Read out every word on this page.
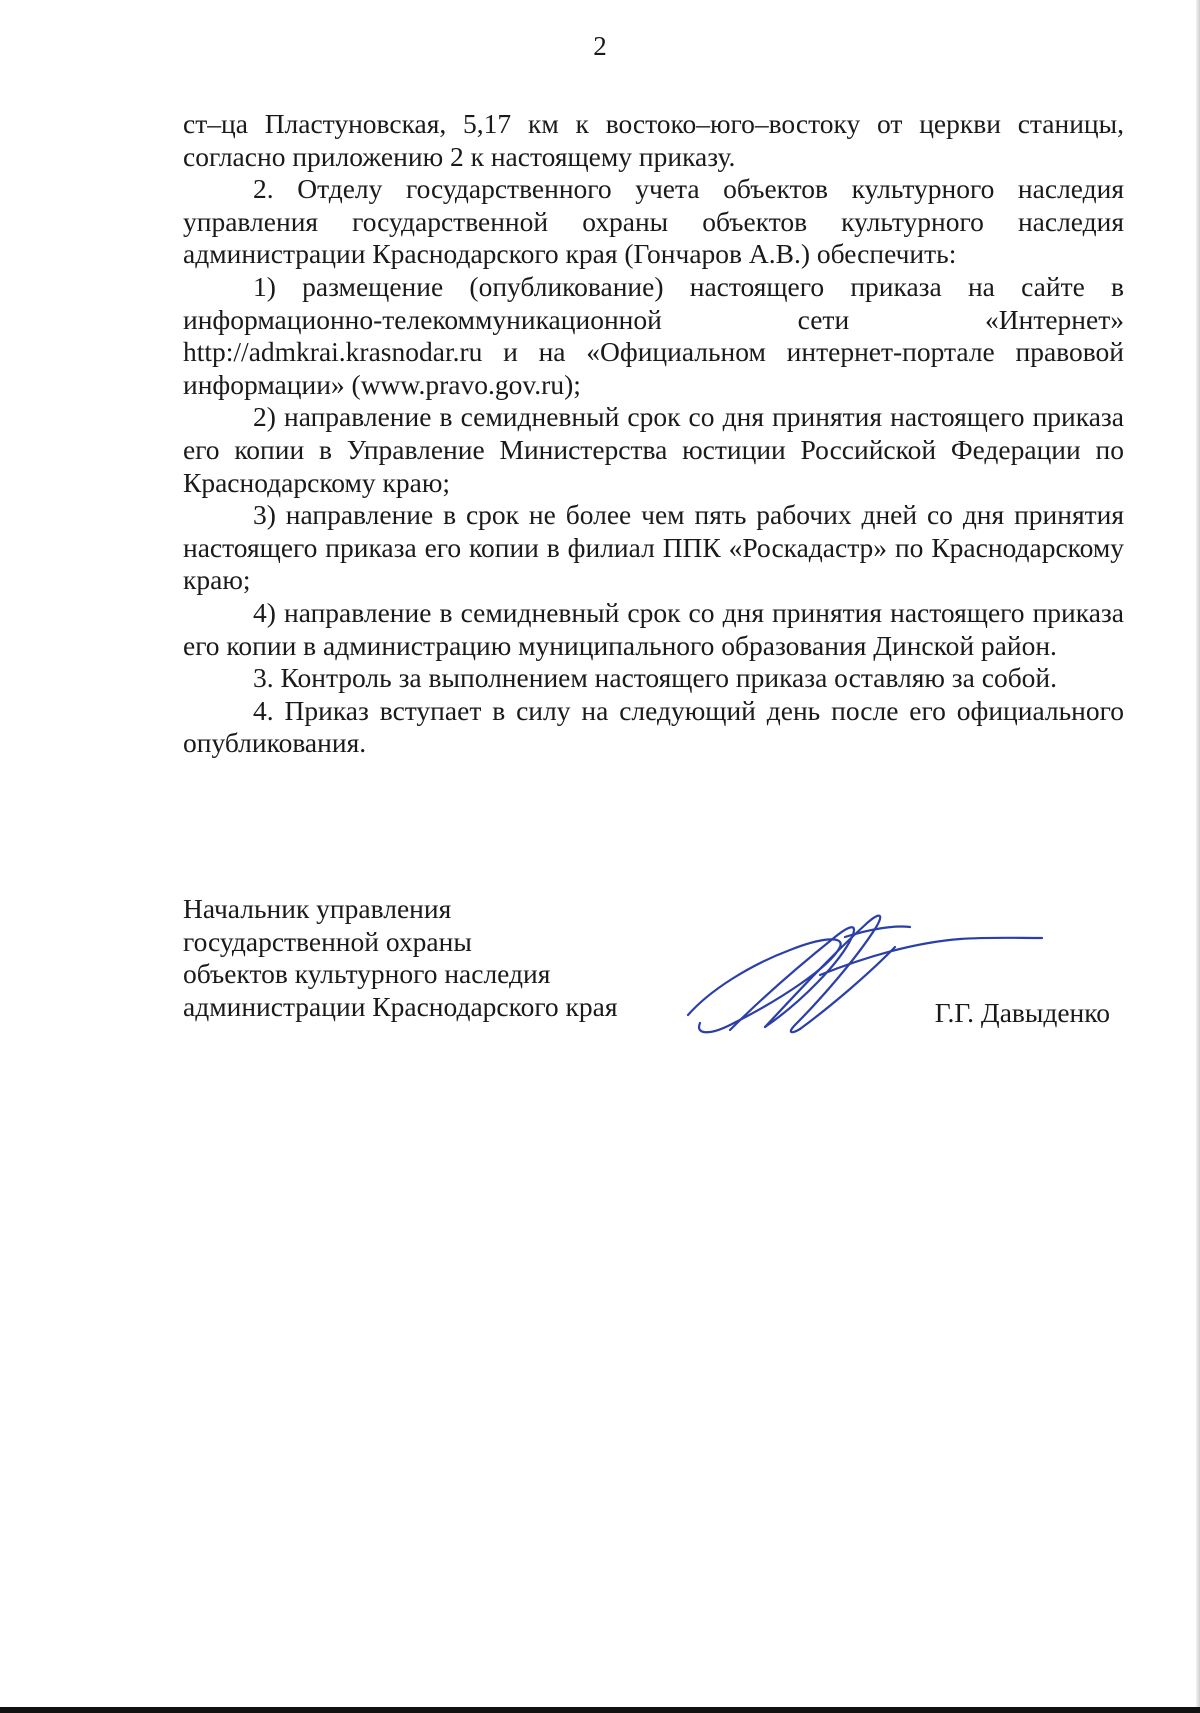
2

ст–ца Пластуновская, 5,17 км к востоко–юго–востоку от церкви станицы, согласно приложению 2 к настоящему приказу.

2. Отделу государственного учета объектов культурного наследия управления государственной охраны объектов культурного наследия администрации Краснодарского края (Гончаров А.В.) обеспечить:

1) размещение (опубликование) настоящего приказа на сайте в информационно-телекоммуникационной сети «Интернет» http://admkrai.krasnodar.ru и на «Официальном интернет-портале правовой информации» (www.pravo.gov.ru);

2) направление в семидневный срок со дня принятия настоящего приказа его копии в Управление Министерства юстиции Российской Федерации по Краснодарскому краю;

3) направление в срок не более чем пять рабочих дней со дня принятия настоящего приказа его копии в филиал ППК «Роскадастр» по Краснодарскому краю;

4) направление в семидневный срок со дня принятия настоящего приказа его копии в администрацию муниципального образования Динской район.

3. Контроль за выполнением настоящего приказа оставляю за собой.

4. Приказ вступает в силу на следующий день после его официального опубликования.

Начальник управления
государственной охраны
объектов культурного наследия
администрации Краснодарского края	Г.Г. Давыденко
